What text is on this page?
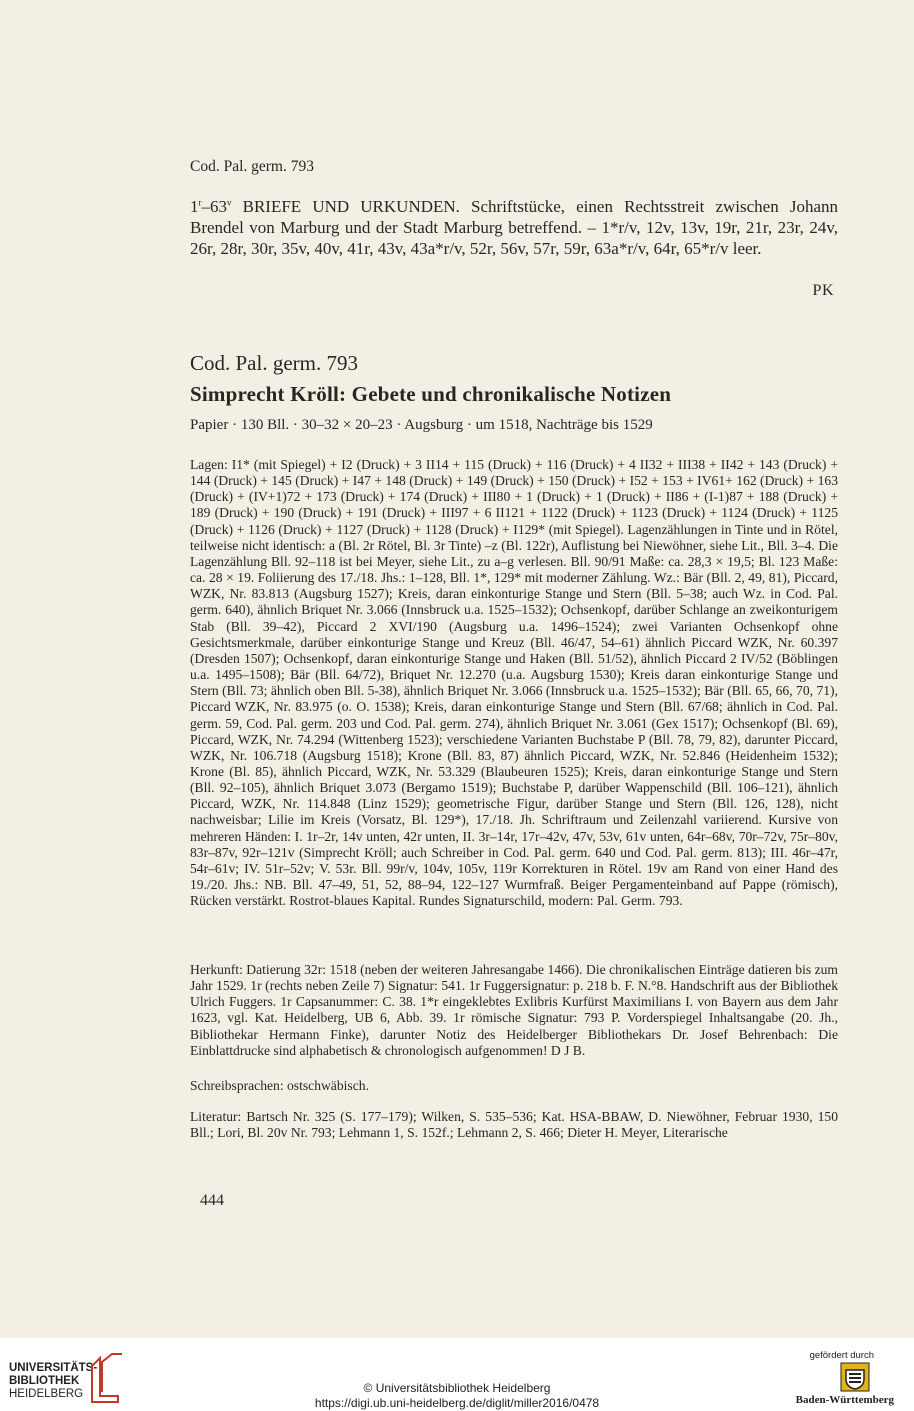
Cod. Pal. germ. 793
1$^r$–63$^v$ BRIEFE UND URKUNDEN. Schriftstücke, einen Rechtsstreit zwischen Johann Brendel von Marburg und der Stadt Marburg betreffend. – 1*r/v, 12v, 13v, 19r, 21r, 23r, 24v, 26r, 28r, 30r, 35v, 40v, 41r, 43v, 43a*r/v, 52r, 56v, 57r, 59r, 63a*r/v, 64r, 65*r/v leer.
PK
Cod. Pal. germ. 793
Simprecht Kröll: Gebete und chronikalische Notizen
Papier · 130 Bll. · 30–32 × 20–23 · Augsburg · um 1518, Nachträge bis 1529
Lagen: I1* (mit Spiegel) + I2 (Druck) + 3 II14 + 115 (Druck) + 116 (Druck) + 4 II32 + III38 + II42 + 143 (Druck) + 144 (Druck) + 145 (Druck) + I47 + 148 (Druck) + 149 (Druck) + 150 (Druck) + I52 + 153 + IV61+ 162 (Druck) + 163 (Druck) + (IV+1)72 + 173 (Druck) + 174 (Druck) + III80 + 1 (Druck) + 1 (Druck) + II86 + (I-1)87 + 188 (Druck) + 189 (Druck) + 190 (Druck) + 191 (Druck) + III97 + 6 II121 + 1122 (Druck) + 1123 (Druck) + 1124 (Druck) + 1125 (Druck) + 1126 (Druck) + 1127 (Druck) + 1128 (Druck) + I129* (mit Spiegel). Lagenzählungen in Tinte und in Rötel, teilweise nicht identisch: a (Bl. 2r Rötel, Bl. 3r Tinte) –z (Bl. 122r), Auflistung bei Niewöhner, siehe Lit., Bll. 3–4. Die Lagenzählung Bll. 92–118 ist bei Meyer, siehe Lit., zu a–g verlesen. Bll. 90/91 Maße: ca. 28,3 × 19,5; Bl. 123 Maße: ca. 28 × 19. Foliierung des 17./18. Jhs.: 1–128, Bll. 1*, 129* mit moderner Zählung. Wz.: Bär (Bll. 2, 49, 81), Piccard, WZK, Nr. 83.813 (Augsburg 1527); Kreis, daran einkonturige Stange und Stern (Bll. 5–38; auch Wz. in Cod. Pal. germ. 640), ähnlich Briquet Nr. 3.066 (Innsbruck u.a. 1525–1532); Ochsenkopf, darüber Schlange an zweikonturigem Stab (Bll. 39–42), Piccard 2 XVI/190 (Augsburg u.a. 1496–1524); zwei Varianten Ochsenkopf ohne Gesichtsmerkmale, darüber einkonturige Stange und Kreuz (Bll. 46/47, 54–61) ähnlich Piccard WZK, Nr. 60.397 (Dresden 1507); Ochsenkopf, daran einkonturige Stange und Haken (Bll. 51/52), ähnlich Piccard 2 IV/52 (Böblingen u.a. 1495–1508); Bär (Bll. 64/72), Briquet Nr. 12.270 (u.a. Augsburg 1530); Kreis daran einkonturige Stange und Stern (Bll. 73; ähnlich oben Bll. 5-38), ähnlich Briquet Nr. 3.066 (Innsbruck u.a. 1525–1532); Bär (Bll. 65, 66, 70, 71), Piccard WZK, Nr. 83.975 (o. O. 1538); Kreis, daran einkonturige Stange und Stern (Bll. 67/68; ähnlich in Cod. Pal. germ. 59, Cod. Pal. germ. 203 und Cod. Pal. germ. 274), ähnlich Briquet Nr. 3.061 (Gex 1517); Ochsenkopf (Bl. 69), Piccard, WZK, Nr. 74.294 (Wittenberg 1523); verschiedene Varianten Buchstabe P (Bll. 78, 79, 82), darunter Piccard, WZK, Nr. 106.718 (Augsburg 1518); Krone (Bll. 83, 87) ähnlich Piccard, WZK, Nr. 52.846 (Heidenheim 1532); Krone (Bl. 85), ähnlich Piccard, WZK, Nr. 53.329 (Blaubeuren 1525); Kreis, daran einkonturige Stange und Stern (Bll. 92–105), ähnlich Briquet 3.073 (Bergamo 1519); Buchstabe P, darüber Wappenschild (Bll. 106–121), ähnlich Piccard, WZK, Nr. 114.848 (Linz 1529); geometrische Figur, darüber Stange und Stern (Bll. 126, 128), nicht nachweisbar; Lilie im Kreis (Vorsatz, Bl. 129*), 17./18. Jh. Schriftraum und Zeilenzahl variierend. Kursive von mehreren Händen: I. 1r–2r, 14v unten, 42r unten, II. 3r–14r, 17r–42v, 47v, 53v, 61v unten, 64r–68v, 70r–72v, 75r–80v, 83r–87v, 92r–121v (Simprecht Kröll; auch Schreiber in Cod. Pal. germ. 640 und Cod. Pal. germ. 813); III. 46r–47r, 54r–61v; IV. 51r–52v; V. 53r. Bll. 99r/v, 104v, 105v, 119r Korrekturen in Rötel. 19v am Rand von einer Hand des 19./20. Jhs.: NB. Bll. 47–49, 51, 52, 88–94, 122–127 Wurmfraß. Beiger Pergamenteinband auf Pappe (römisch), Rücken verstärkt. Rostrot-blaues Kapital. Rundes Signaturschild, modern: Pal. Germ. 793.
Herkunft: Datierung 32r: 1518 (neben der weiteren Jahresangabe 1466). Die chronikalischen Einträge datieren bis zum Jahr 1529. 1r (rechts neben Zeile 7) Signatur: 541. 1r Fuggersignatur: p. 218 b. F. N.°8. Handschrift aus der Bibliothek Ulrich Fuggers. 1r Capsanummer: C. 38. 1*r eingeklebtes Exlibris Kurfürst Maximilians I. von Bayern aus dem Jahr 1623, vgl. Kat. Heidelberg, UB 6, Abb. 39. 1r römische Signatur: 793 P. Vorderspiegel Inhaltsangabe (20. Jh., Bibliothekar Hermann Finke), darunter Notiz des Heidelberger Bibliothekars Dr. Josef Behrenbach: Die Einblattdrucke sind alphabetisch & chronologisch aufgenommen! D J B.
Schreibsprachen: ostschwäbisch.
Literatur: Bartsch Nr. 325 (S. 177–179); Wilken, S. 535–536; Kat. HSA-BBAW, D. Niewöhner, Februar 1930, 150 Bll.; Lori, Bl. 20v Nr. 793; Lehmann 1, S. 152f.; Lehmann 2, S. 466; Dieter H. Meyer, Literarische
444
UNIVERSITÄTS-
BIBLIOTHEK
HEIDELBERG	© Universitätsbibliothek Heidelberg
https://digi.ub.uni-heidelberg.de/diglit/miller2016/0478
gefördert durch
Baden-Württemberg
